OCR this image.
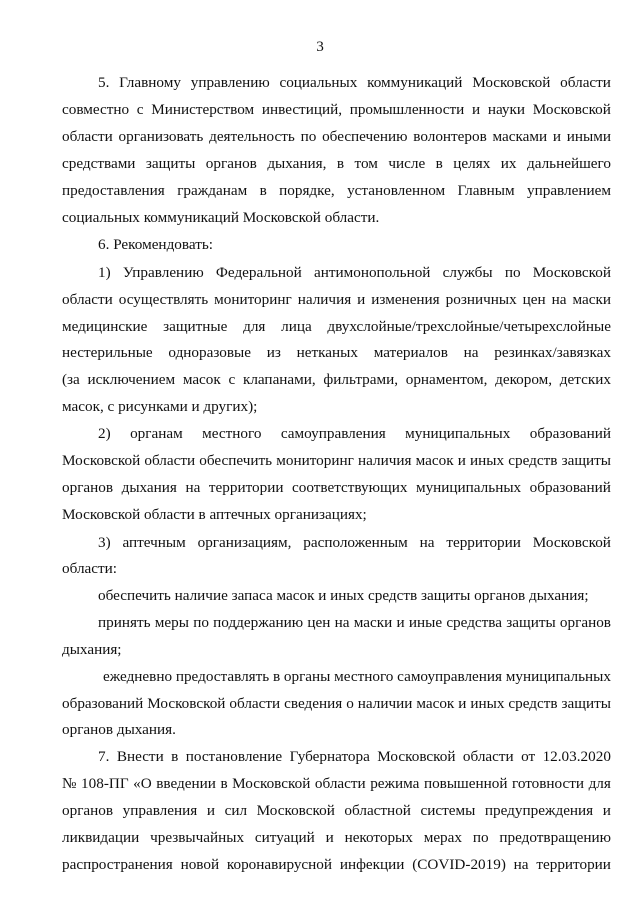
3
5. Главному управлению социальных коммуникаций Московской области
совместно с Министерством инвестиций, промышленности и науки Московской
области организовать деятельность по обеспечению волонтеров масками и иными
средствами защиты органов дыхания, в том числе в целях их дальнейшего
предоставления гражданам в порядке, установленном Главным управлением
социальных коммуникаций Московской области.
6. Рекомендовать:
1) Управлению Федеральной антимонопольной службы по Московской
области осуществлять мониторинг наличия и изменения розничных цен на маски
медицинские защитные для лица двухслойные/трехслойные/четырехслойные
нестерильные одноразовые из нетканых материалов на резинках/завязках
(за исключением масок с клапанами, фильтрами, орнаментом, декором, детских
масок, с рисунками и других);
2) органам местного самоуправления муниципальных образований
Московской области обеспечить мониторинг наличия масок и иных средств защиты
органов дыхания на территории соответствующих муниципальных образований
Московской области в аптечных организациях;
3) аптечным организациям, расположенным на территории Московской
области:
обеспечить наличие запаса масок и иных средств защиты органов дыхания;
принять меры по поддержанию цен на маски и иные средства защиты органов
дыхания;
ежедневно предоставлять в органы местного самоуправления муниципальных
образований Московской области сведения о наличии масок и иных средств защиты
органов дыхания.
7. Внести в постановление Губернатора Московской области от 12.03.2020
№ 108-ПГ «О введении в Московской области режима повышенной готовности для
органов управления и сил Московской областной системы предупреждения и
ликвидации чрезвычайных ситуаций и некоторых мерах по предотвращению
распространения новой коронавирусной инфекции (COVID-2019) на территории
